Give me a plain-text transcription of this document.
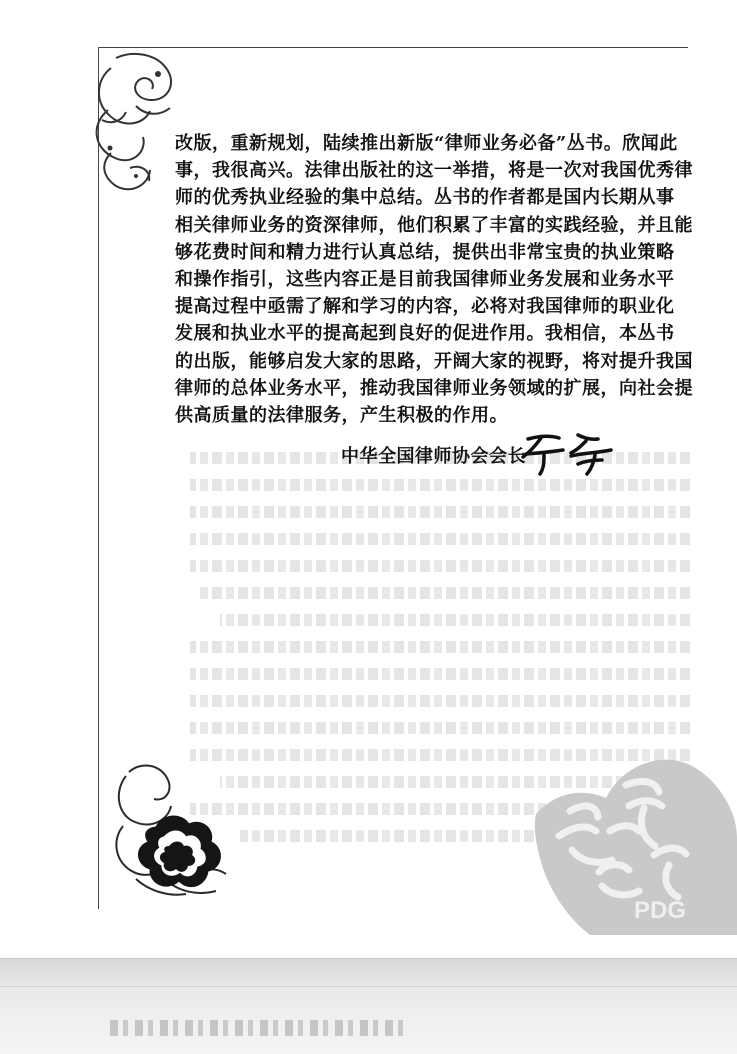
改版，重新规划，陆续推出新版“律师业务必备”丛书。欣闻此
事，我很高兴。法律出版社的这一举措，将是一次对我国优秀律
师的优秀执业经验的集中总结。丛书的作者都是国内长期从事
相关律师业务的资深律师，他们积累了丰富的实践经验，并且能
够花费时间和精力进行认真总结，提供出非常宝贵的执业策略
和操作指引，这些内容正是目前我国律师业务发展和业务水平
提高过程中亟需了解和学习的内容，必将对我国律师的职业化
发展和执业水平的提高起到良好的促进作用。我相信，本丛书
的出版，能够启发大家的思路，开阔大家的视野，将对提升我国
律师的总体业务水平，推动我国律师业务领域的扩展，向社会提
供高质量的法律服务，产生积极的作用。
中华全国律师协会会长
PDG
